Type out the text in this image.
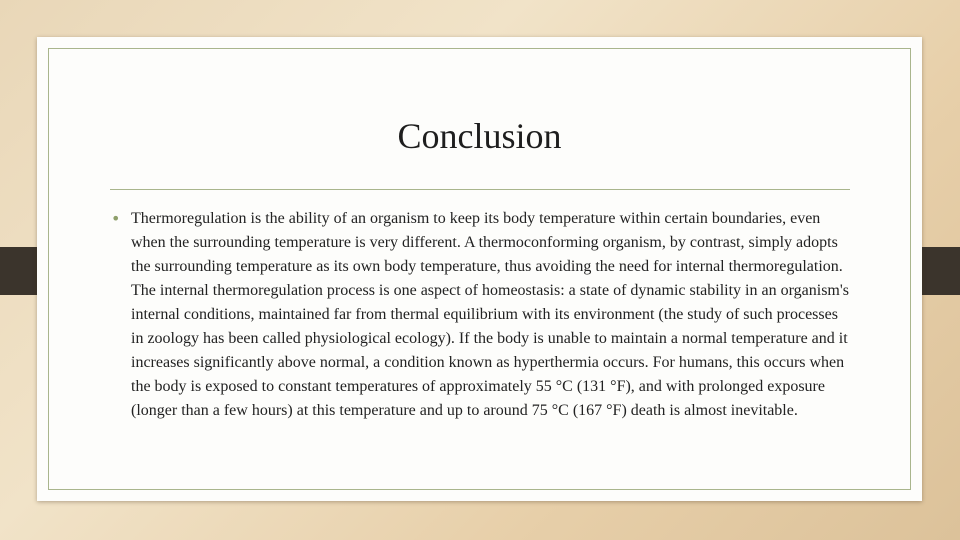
Conclusion
• Thermoregulation is the ability of an organism to keep its body temperature within certain boundaries, even when the surrounding temperature is very different. A thermoconforming organism, by contrast, simply adopts the surrounding temperature as its own body temperature, thus avoiding the need for internal thermoregulation. The internal thermoregulation process is one aspect of homeostasis: a state of dynamic stability in an organism's internal conditions, maintained far from thermal equilibrium with its environment (the study of such processes in zoology has been called physiological ecology). If the body is unable to maintain a normal temperature and it increases significantly above normal, a condition known as hyperthermia occurs. For humans, this occurs when the body is exposed to constant temperatures of approximately 55 °C (131 °F), and with prolonged exposure (longer than a few hours) at this temperature and up to around 75 °C (167 °F) death is almost inevitable.
